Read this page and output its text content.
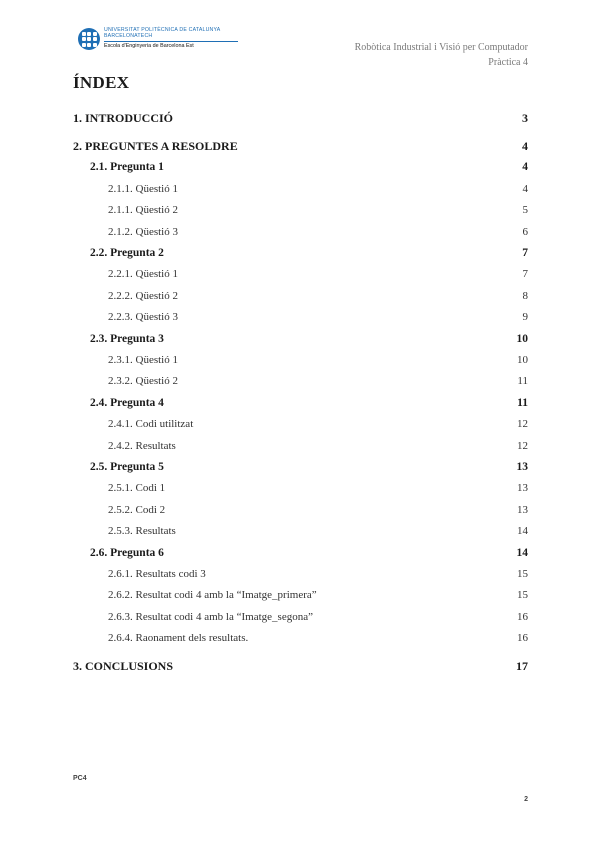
UNIVERSITAT POLITÈCNICA DE CATALUNYA
BARCELONATECH
Escola d'Enginyeria de Barcelona Est	Robòtica Industrial i Visió per Computador
Pràctica 4
ÍNDEX
1. INTRODUCCIÓ	3
2. PREGUNTES A RESOLDRE	4
2.1. Pregunta 1	4
2.1.1. Qüestió 1	4
2.1.1. Qüestió 2	5
2.1.2. Qüestió 3	6
2.2. Pregunta 2	7
2.2.1. Qüestió 1	7
2.2.2. Qüestió 2	8
2.2.3. Qüestió 3	9
2.3. Pregunta 3	10
2.3.1. Qüestió 1	10
2.3.2. Qüestió 2	11
2.4. Pregunta 4	11
2.4.1. Codi utilitzat	12
2.4.2. Resultats	12
2.5. Pregunta 5	13
2.5.1. Codi 1	13
2.5.2. Codi 2	13
2.5.3. Resultats	14
2.6. Pregunta 6	14
2.6.1. Resultats codi 3	15
2.6.2. Resultat codi 4 amb la “Imatge_primera”	15
2.6.3. Resultat codi 4 amb la “Imatge_segona”	16
2.6.4. Raonament dels resultats.	16
3. CONCLUSIONS	17
PC4
2
